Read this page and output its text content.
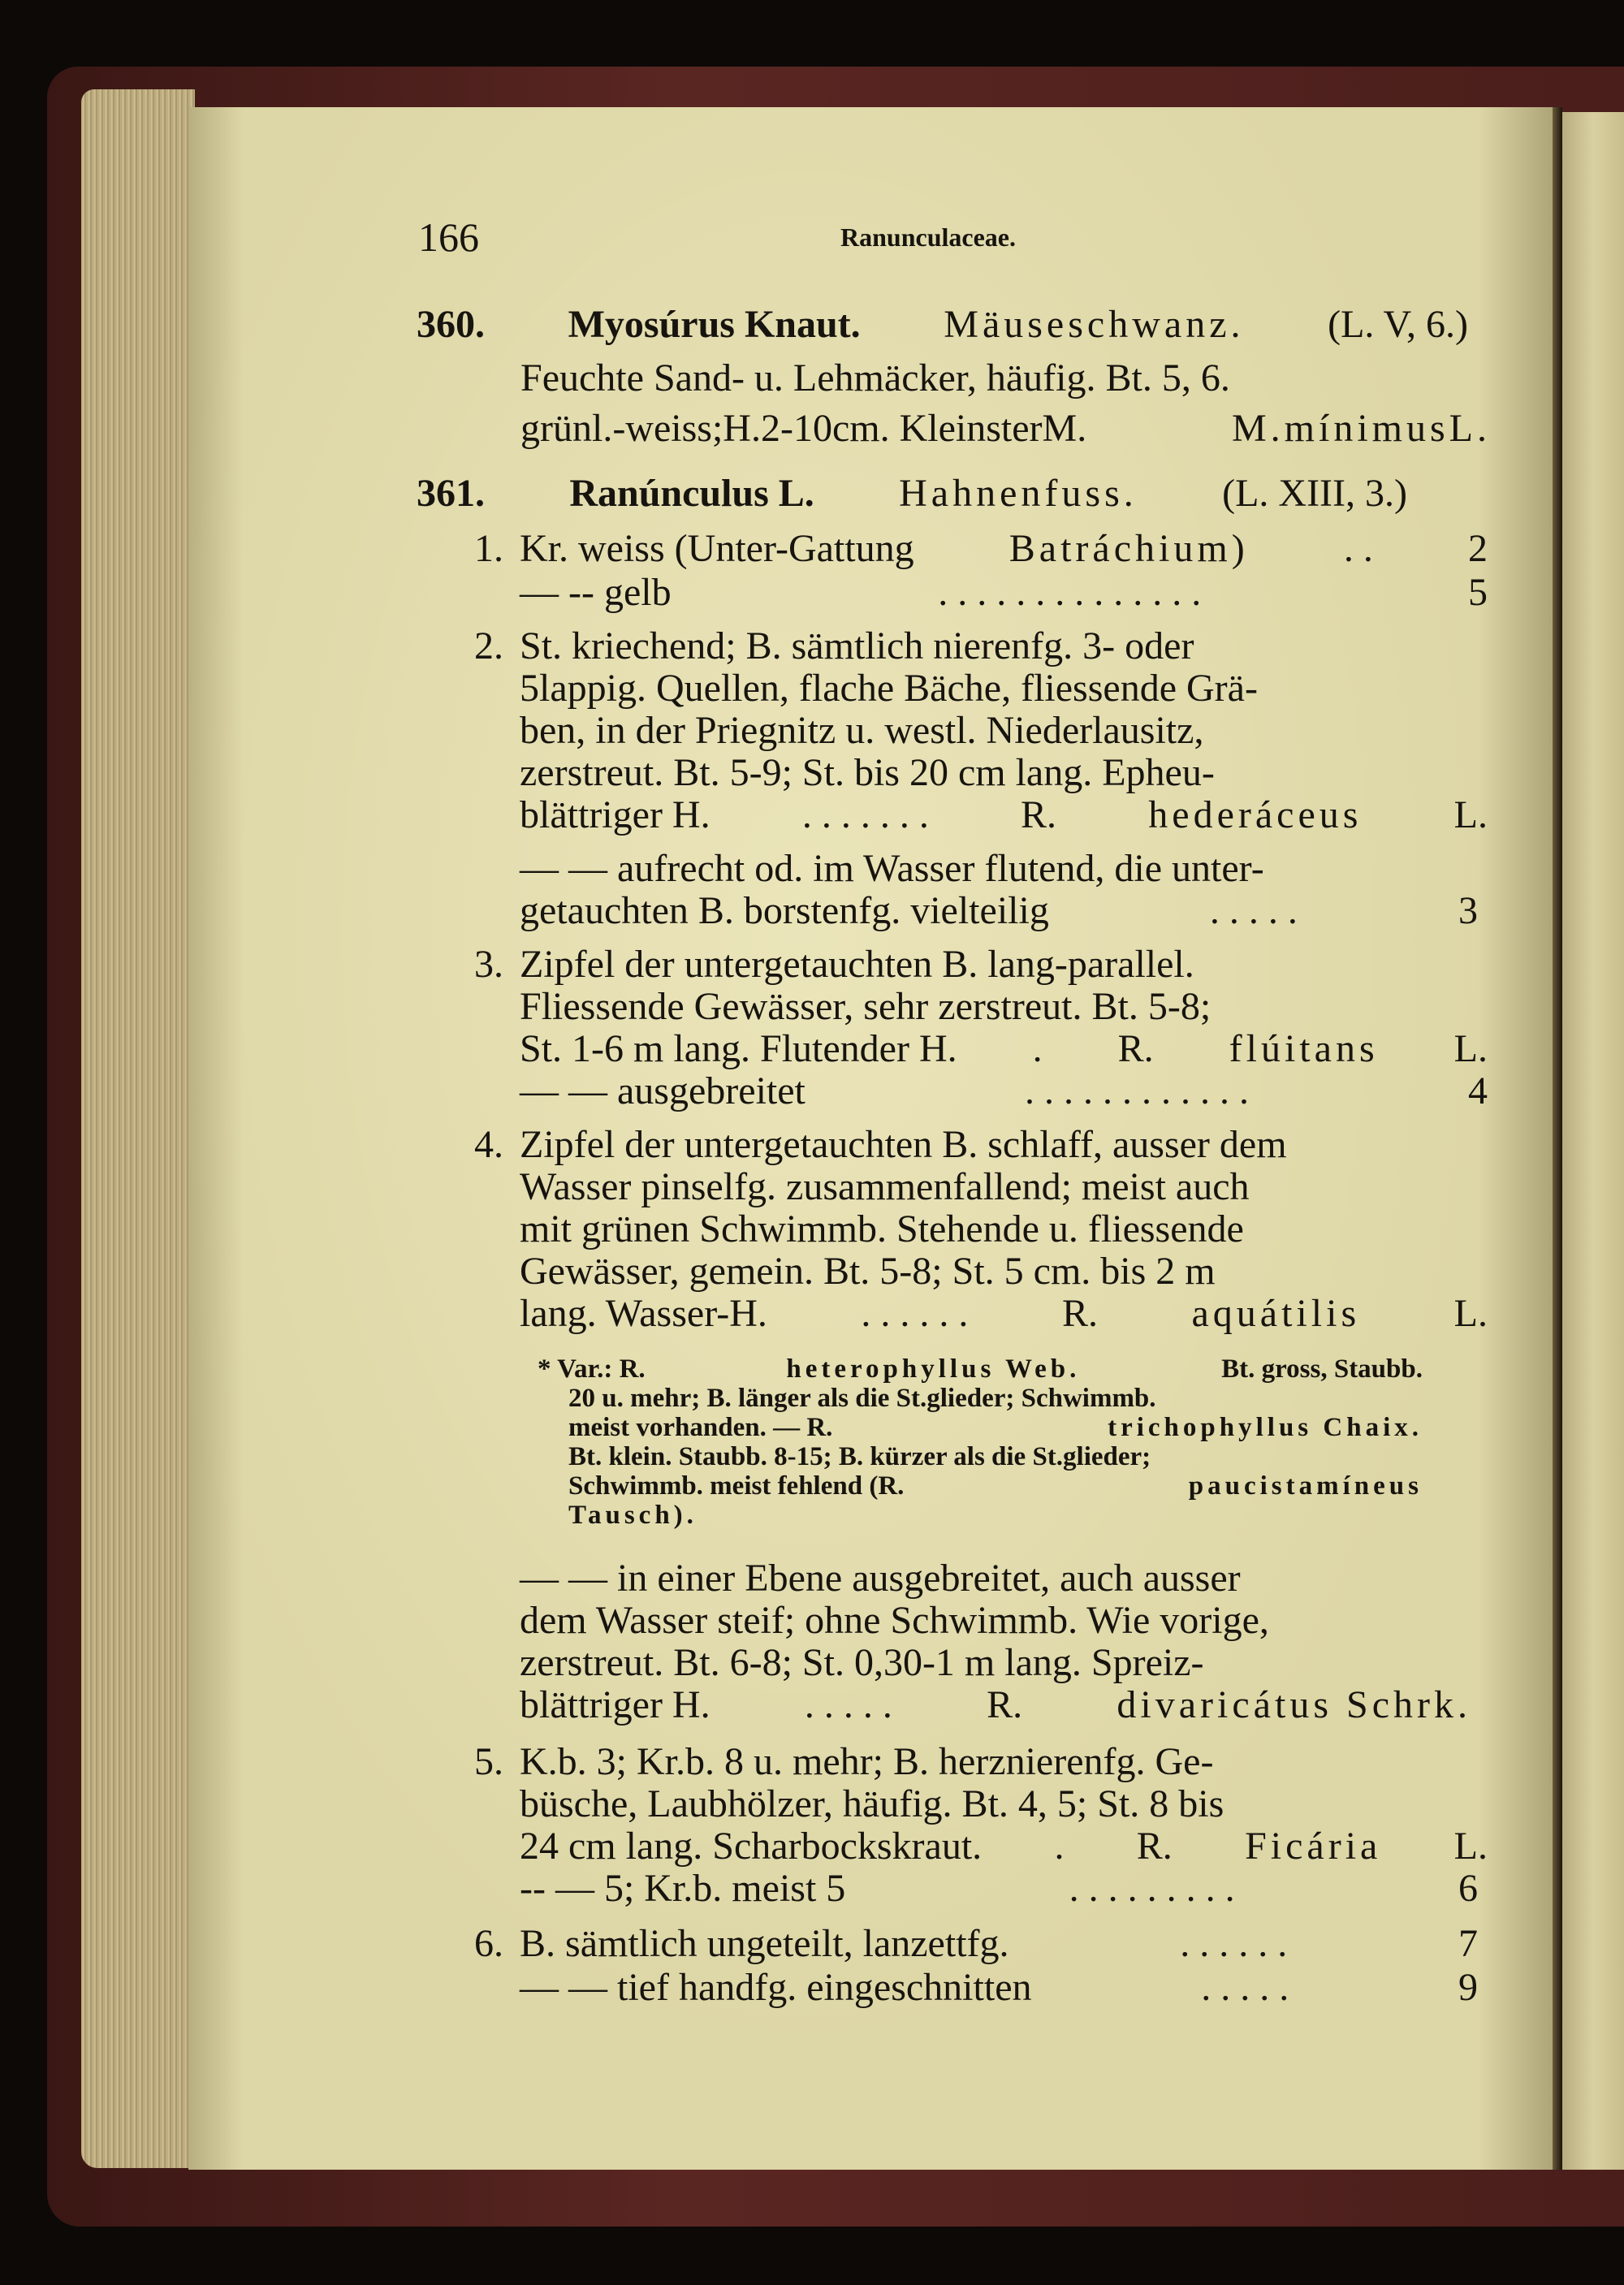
166	Ranunculaceae.
360. Myosúrus Knaut. Mäuseschwanz. (L. V, 6.)
Feuchte Sand- u. Lehmäcker, häufig. Bt. 5, 6.
grünl.-weiss;H.2-10cm. KleinsterM.	M.mínimusL.
361. Ranúnculus L. Hahnenfuss. (L. XIII, 3.)
1. Kr. weiss (Unter-Gattung Batráchium) . . 2
— -- gelb	. . . . . . . . . . . . . .	5
2. St. kriechend; B. sämtlich nierenfg. 3- oder
5lappig. Quellen, flache Bäche, fliessende Grä-
ben, in der Priegnitz u. westl. Niederlausitz,
zerstreut. Bt. 5-9; St. bis 20 cm lang. Epheu-
blättriger H. . . . . . . . R. hederáceus L.
— — aufrecht od. im Wasser flutend, die unter-
getauchten B. borstenfg. vielteilig	. . . . .	3
3. Zipfel der untergetauchten B. lang-parallel.
Fliessende Gewässer, sehr zerstreut. Bt. 5-8;
St. 1-6 m lang. Flutender H. . R. flúitans L.
— — ausgebreitet	. . . . . . . . . . . .	4
4. Zipfel der untergetauchten B. schlaff, ausser dem
Wasser pinselfg. zusammenfallend; meist auch
mit grünen Schwimmb. Stehende u. fliessende
Gewässer, gemein. Bt. 5-8; St. 5 cm. bis 2 m
lang. Wasser-H. . . . . . . R. aquátilis L.
* Var.: R.	heterophyllus Web.	Bt. gross, Staubb.
20 u. mehr; B. länger als die St.glieder; Schwimmb.
meist vorhanden. — R.	trichophyllus Chaix.
Bt. klein. Staubb. 8-15; B. kürzer als die St.glieder;
Schwimmb. meist fehlend (R.	paucistamíneus
Tausch).
— — in einer Ebene ausgebreitet, auch ausser
dem Wasser steif; ohne Schwimmb. Wie vorige,
zerstreut. Bt. 6-8; St. 0,30-1 m lang. Spreiz-
blättriger H. . . . . . R. divaricátus Schrk.
5. K.b. 3; Kr.b. 8 u. mehr; B. herznierenfg. Ge-
büsche, Laubhölzer, häufig. Bt. 4, 5; St. 8 bis
24 cm lang. Scharbockskraut. . R. Ficária L.
-- — 5; Kr.b. meist 5	. . . . . . . . .	6
6. B. sämtlich ungeteilt, lanzettfg.	. . . . . .	7
— — tief handfg. eingeschnitten	. . . . .	9
